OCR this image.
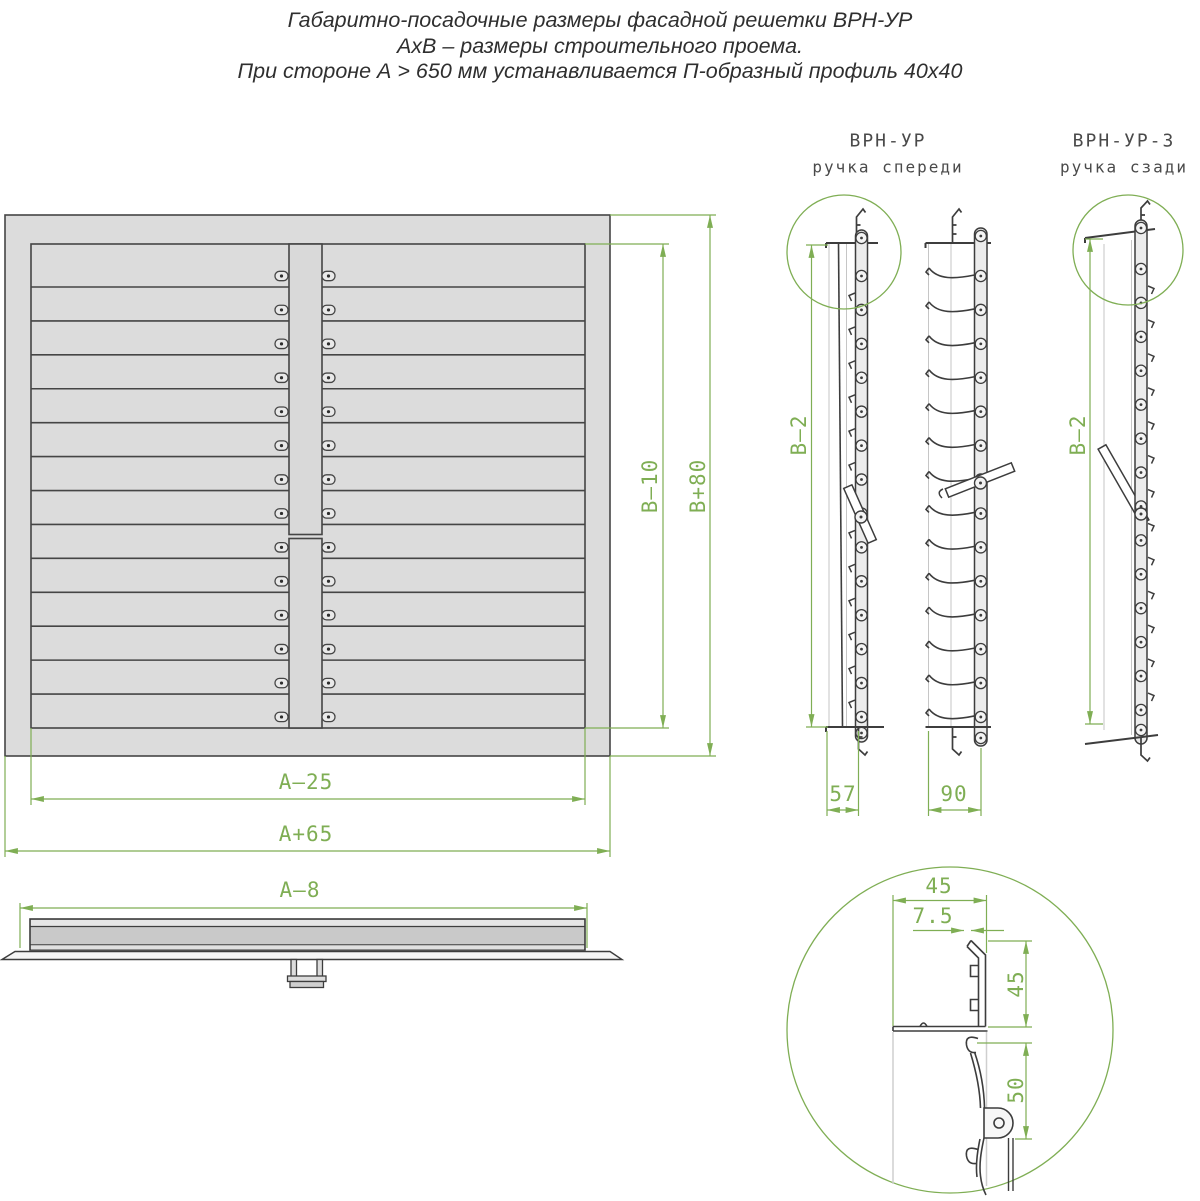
Габаритно-посадочные размеры фасадной решетки ВРН-УР
АхВ – размеры строительного проема.
При стороне А > 650 мм устанавливается П-образный профиль 40х40
ВРН-УР
ручка спереди
ВРН-УР-3
ручка сзади
В–10 В+80
А–25
А+65
В–2
57	90
В–2
А–8	45
7.5
45
50
